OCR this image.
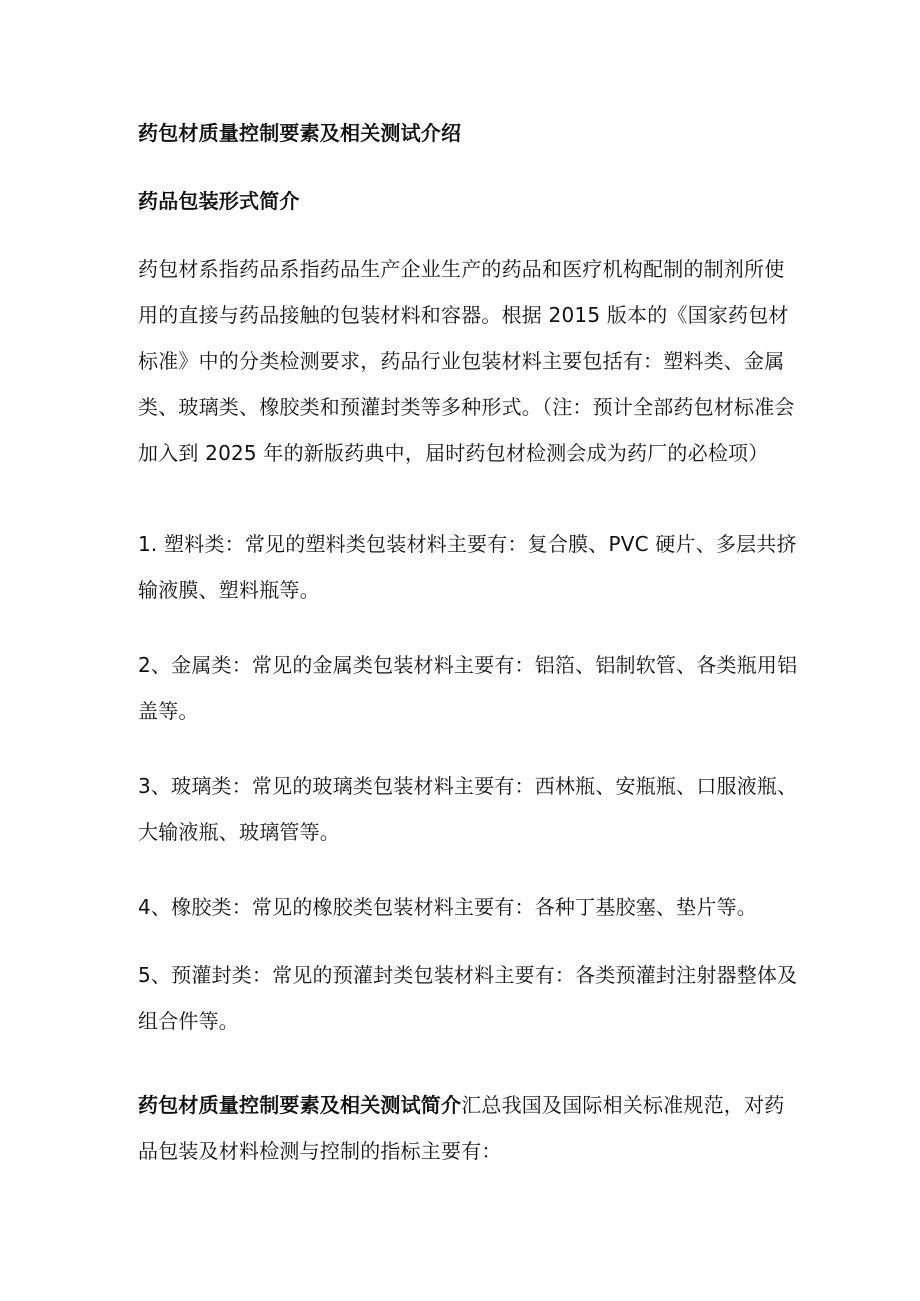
药包材质量控制要素及相关测试介绍

药品包装形式简介

药包材系指药品系指药品生产企业生产的药品和医疗机构配制的制剂所使用的直接与药品接触的包装材料和容器。根据 2015 版本的《国家药包材标准》中的分类检测要求，药品行业包装材料主要包括有：塑料类、金属类、玻璃类、橡胶类和预灌封类等多种形式。（注：预计全部药包材标准会加入到 2025 年的新版药典中，届时药包材检测会成为药厂的必检项）

1. 塑料类：常见的塑料类包装材料主要有：复合膜、PVC 硬片、多层共挤输液膜、塑料瓶等。

2、金属类：常见的金属类包装材料主要有：铝箔、铝制软管、各类瓶用铝盖等。

3、玻璃类：常见的玻璃类包装材料主要有：西林瓶、安瓶瓶、口服液瓶、大输液瓶、玻璃管等。

4、橡胶类：常见的橡胶类包装材料主要有：各种丁基胶塞、垫片等。

5、预灌封类：常见的预灌封类包装材料主要有：各类预灌封注射器整体及组合件等。

药包材质量控制要素及相关测试简介汇总我国及国际相关标准规范，对药品包装及材料检测与控制的指标主要有：
